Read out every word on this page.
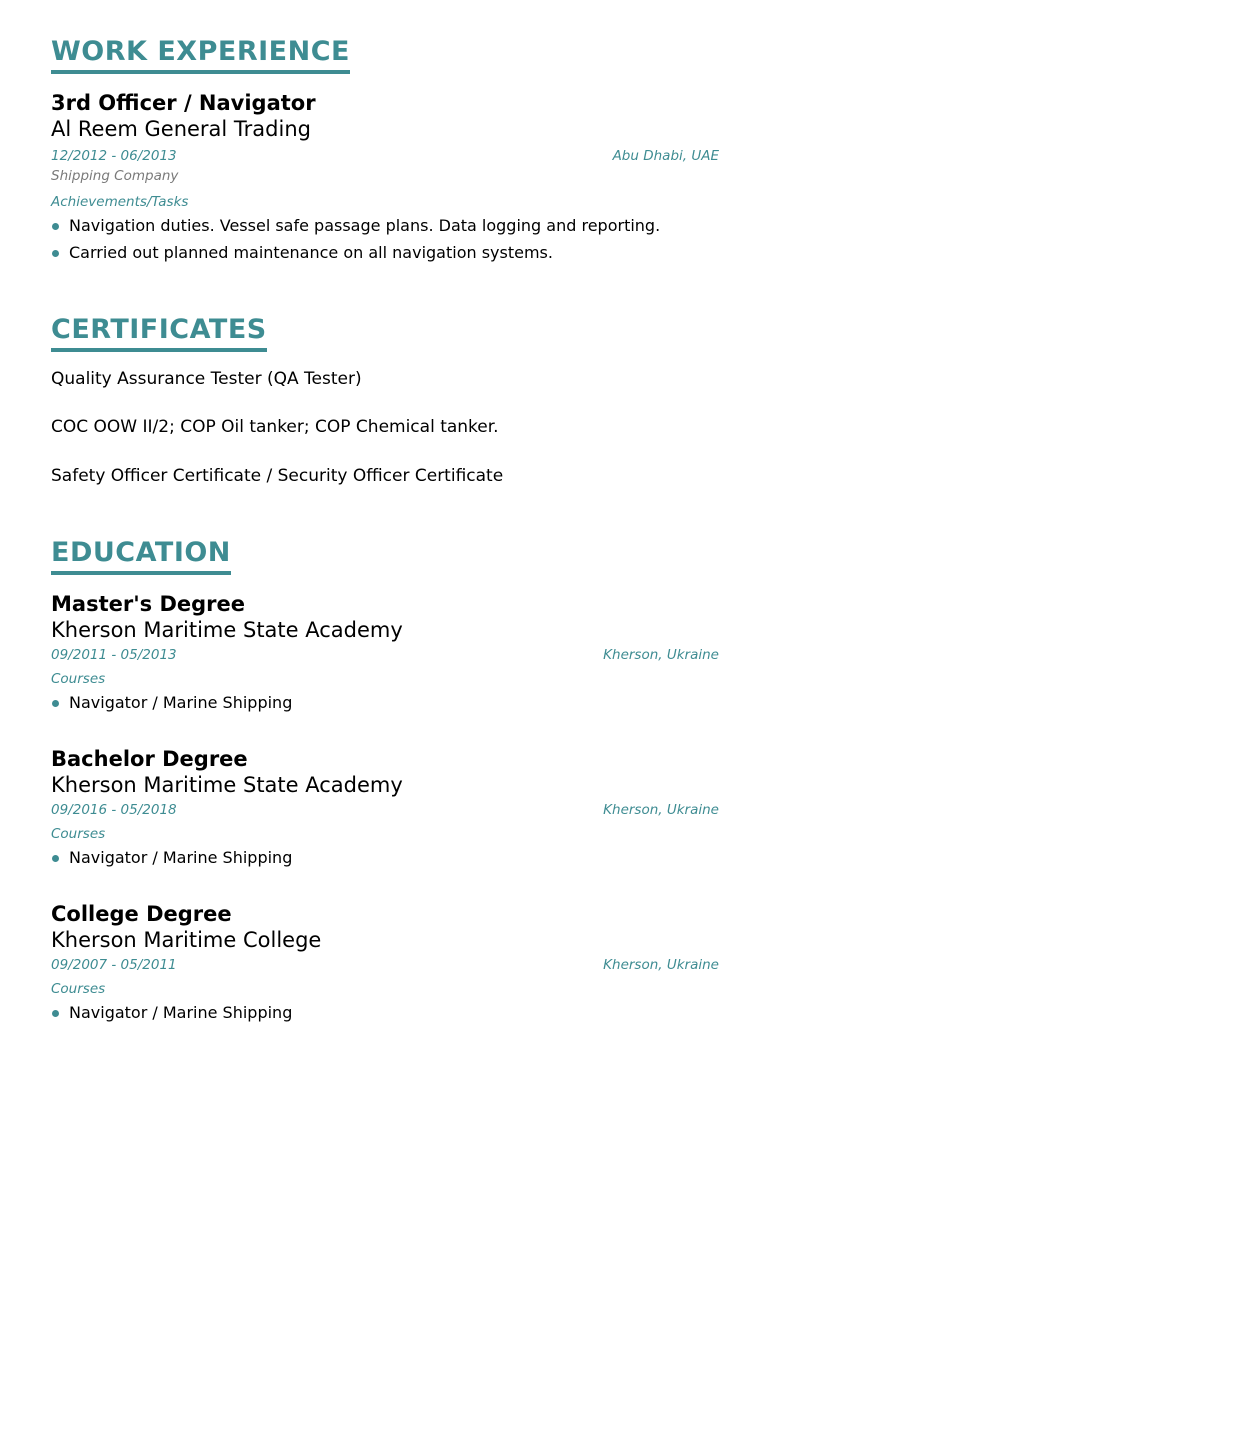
WORK EXPERIENCE

3rd Officer / Navigator

Al Reem General Trading

12/2012 - 06/2013	Abu Dhabi, UAE
Shipping Company
Achievements/Tasks
Navigation duties. Vessel safe passage plans. Data logging and reporting.
Carried out planned maintenance on all navigation systems.
CERTIFICATES

Quality Assurance Tester (QA Tester)

COC OOW II/2; COP Oil tanker; COP Chemical tanker.

Safety Officer Certificate / Security Officer Certificate

EDUCATION

Master's Degree

Kherson Maritime State Academy

09/2011 - 05/2013	Kherson, Ukraine
Courses
Navigator / Marine Shipping

Bachelor Degree

Kherson Maritime State Academy

09/2016 - 05/2018	Kherson, Ukraine
Courses
Navigator / Marine Shipping

College Degree

Kherson Maritime College

09/2007 - 05/2011	Kherson, Ukraine
Courses
Navigator / Marine Shipping
